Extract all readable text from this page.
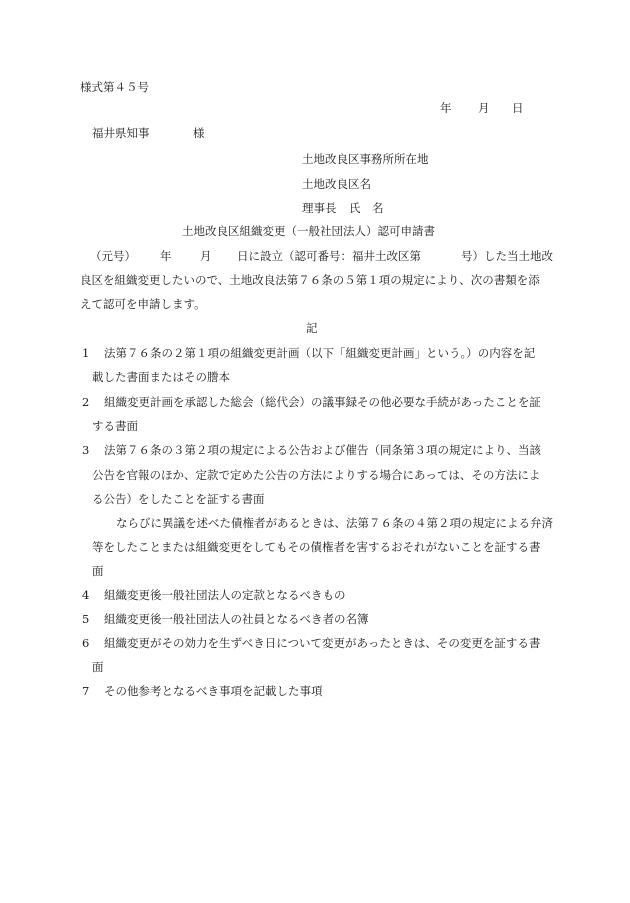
様式第４５号
年 月 日
福井県知事	様
土地改良区事務所所在地
土地改良区名
理事長 氏　名
土地改良区組織変更（一般社団法人）認可申請書
（元号） 年 月 日に設立（認可番号：福井土改区第	号）した当土地改
良区を組織変更したいので、土地改良法第７６条の５第１項の規定により、次の書類を添
えて認可を申請します。
記
1 法第７６条の２第１項の組織変更計画（以下「組織変更計画」という。）の内容を記
載した書面またはその謄本
2 組織変更計画を承認した総会（総代会）の議事録その他必要な手続があったことを証
する書面
3 法第７６条の３第２項の規定による公告および催告（同条第３項の規定により、当該
公告を官報のほか、定款で定めた公告の方法によりする場合にあっては、その方法によ
る公告）をしたことを証する書面
ならびに異議を述べた債権者があるときは、法第７６条の４第２項の規定による弁済
等をしたことまたは組織変更をしてもその債権者を害するおそれがないことを証する書
面
4 組織変更後一般社団法人の定款となるべきもの
5 組織変更後一般社団法人の社員となるべき者の名簿
6 組織変更がその効力を生ずべき日について変更があったときは、その変更を証する書
面
7 その他参考となるべき事項を記載した事項
